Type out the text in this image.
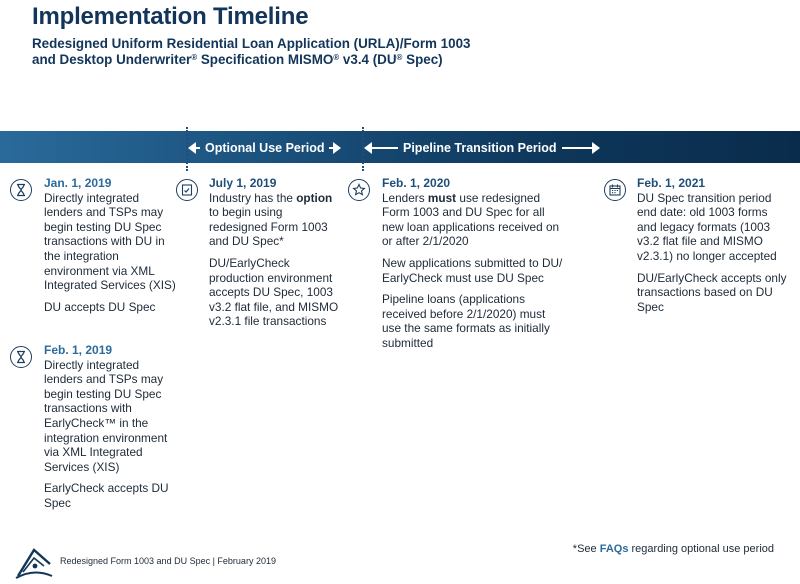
Implementation Timeline
Redesigned Uniform Residential Loan Application (URLA)/Form 1003
and Desktop Underwriter® Specification MISMO® v3.4 (DU® Spec)
Optional Use Period	Pipeline Transition Period
Jan. 1, 2019

Directly integrated lenders and TSPs may begin testing DU Spec transactions with DU in the integration environment via XML Integrated Services (XIS)

DU accepts DU Spec

Feb. 1, 2019

Directly integrated lenders and TSPs may begin testing DU Spec transactions with EarlyCheck™ in the integration environment via XML Integrated Services (XIS)

EarlyCheck accepts DU Spec

July 1, 2019

Industry has the option to begin using redesigned Form 1003 and DU Spec*

DU/EarlyCheck production environment accepts DU Spec, 1003 v3.2 flat file, and MISMO v2.3.1 file transactions

Feb. 1, 2020

Lenders must use redesigned Form 1003 and DU Spec for all new loan applications received on or after 2/1/2020

New applications submitted to DU/ EarlyCheck must use DU Spec

Pipeline loans (applications received before 2/1/2020) must use the same formats as initially submitted

Feb. 1, 2021

DU Spec transition period end date: old 1003 forms and legacy formats (1003 v3.2 flat file and MISMO v2.3.1) no longer accepted

DU/EarlyCheck accepts only transactions based on DU Spec

Redesigned Form 1003 and DU Spec | February 2019
*See FAQs regarding optional use period
